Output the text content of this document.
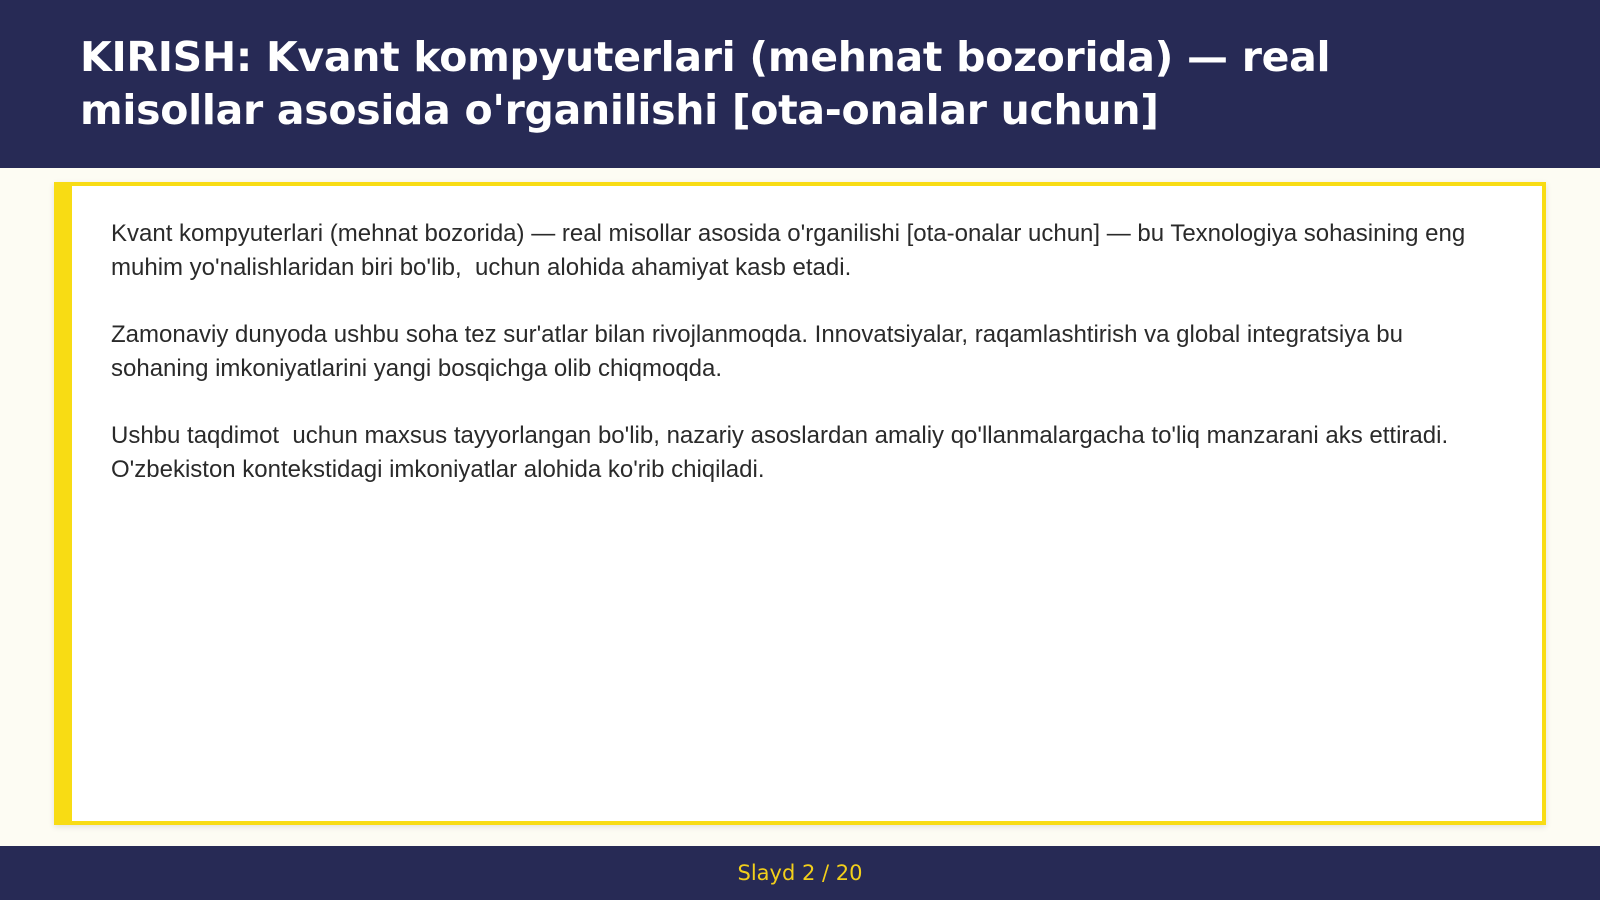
KIRISH: Kvant kompyuterlari (mehnat bozorida) — real misollar asosida o'rganilishi [ota-onalar uchun]

Kvant kompyuterlari (mehnat bozorida) — real misollar asosida o'rganilishi [ota-onalar uchun] — bu Texnologiya sohasining eng muhim yo'nalishlaridan biri bo'lib,  uchun alohida ahamiyat kasb etadi.

Zamonaviy dunyoda ushbu soha tez sur'atlar bilan rivojlanmoqda. Innovatsiyalar, raqamlashtirish va global integratsiya bu sohaning imkoniyatlarini yangi bosqichga olib chiqmoqda.

Ushbu taqdimot  uchun maxsus tayyorlangan bo'lib, nazariy asoslardan amaliy qo'llanmalargacha to'liq manzarani aks ettiradi. O'zbekiston kontekstidagi imkoniyatlar alohida ko'rib chiqiladi.

Slayd 2 / 20
